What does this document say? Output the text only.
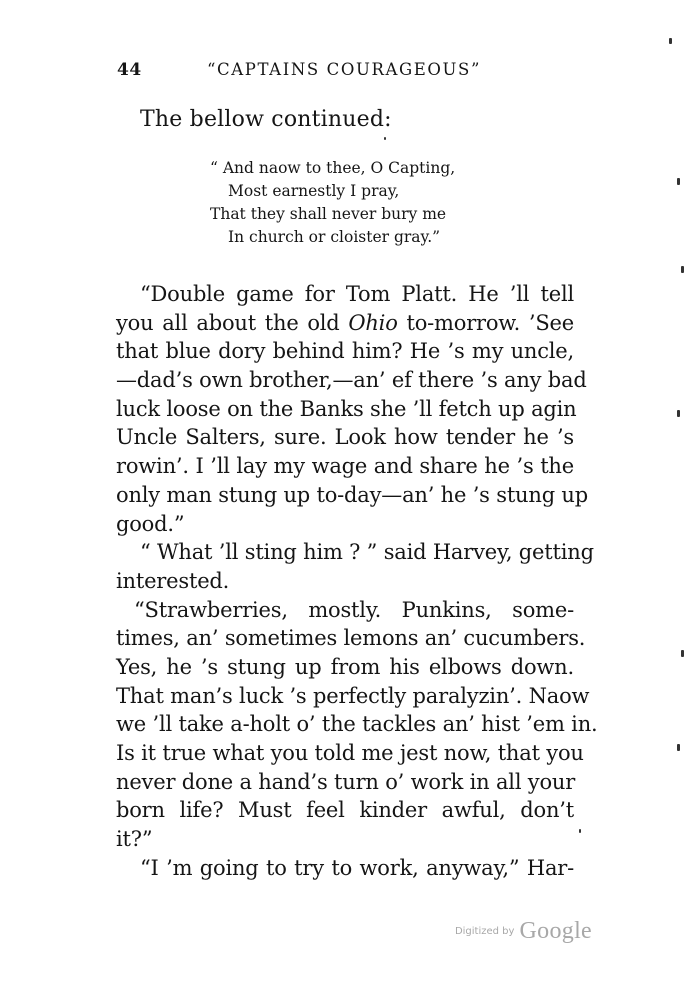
44	“CAPTAINS COURAGEOUS”
The bellow continued:
“ And naow to thee, O Capting,
Most earnestly I pray,
That they shall never bury me
In church or cloister gray.”
“Double game for Tom Platt. He ’ll tell
you all about the old Ohio to-morrow. ’See
that blue dory behind him? He ’s my uncle,
—dad’s own brother,—an’ ef there ’s any bad
luck loose on the Banks she ’ll fetch up agin
Uncle Salters, sure. Look how tender he ’s
rowin’. I ’ll lay my wage and share he ’s the
only man stung up to-day—an’ he ’s stung up
good.”
“ What ’ll sting him ? ” said Harvey, getting
interested.
“Strawberries, mostly. Punkins, some-
times, an’ sometimes lemons an’ cucumbers.
Yes, he ’s stung up from his elbows down.
That man’s luck ’s perfectly paralyzin’. Naow
we ’ll take a-holt o’ the tackles an’ hist ’em in.
Is it true what you told me jest now, that you
never done a hand’s turn o’ work in all your
born life? Must feel kinder awful, don’t
it?”
“I ’m going to try to work, anyway,” Har-
Digitized by Google
